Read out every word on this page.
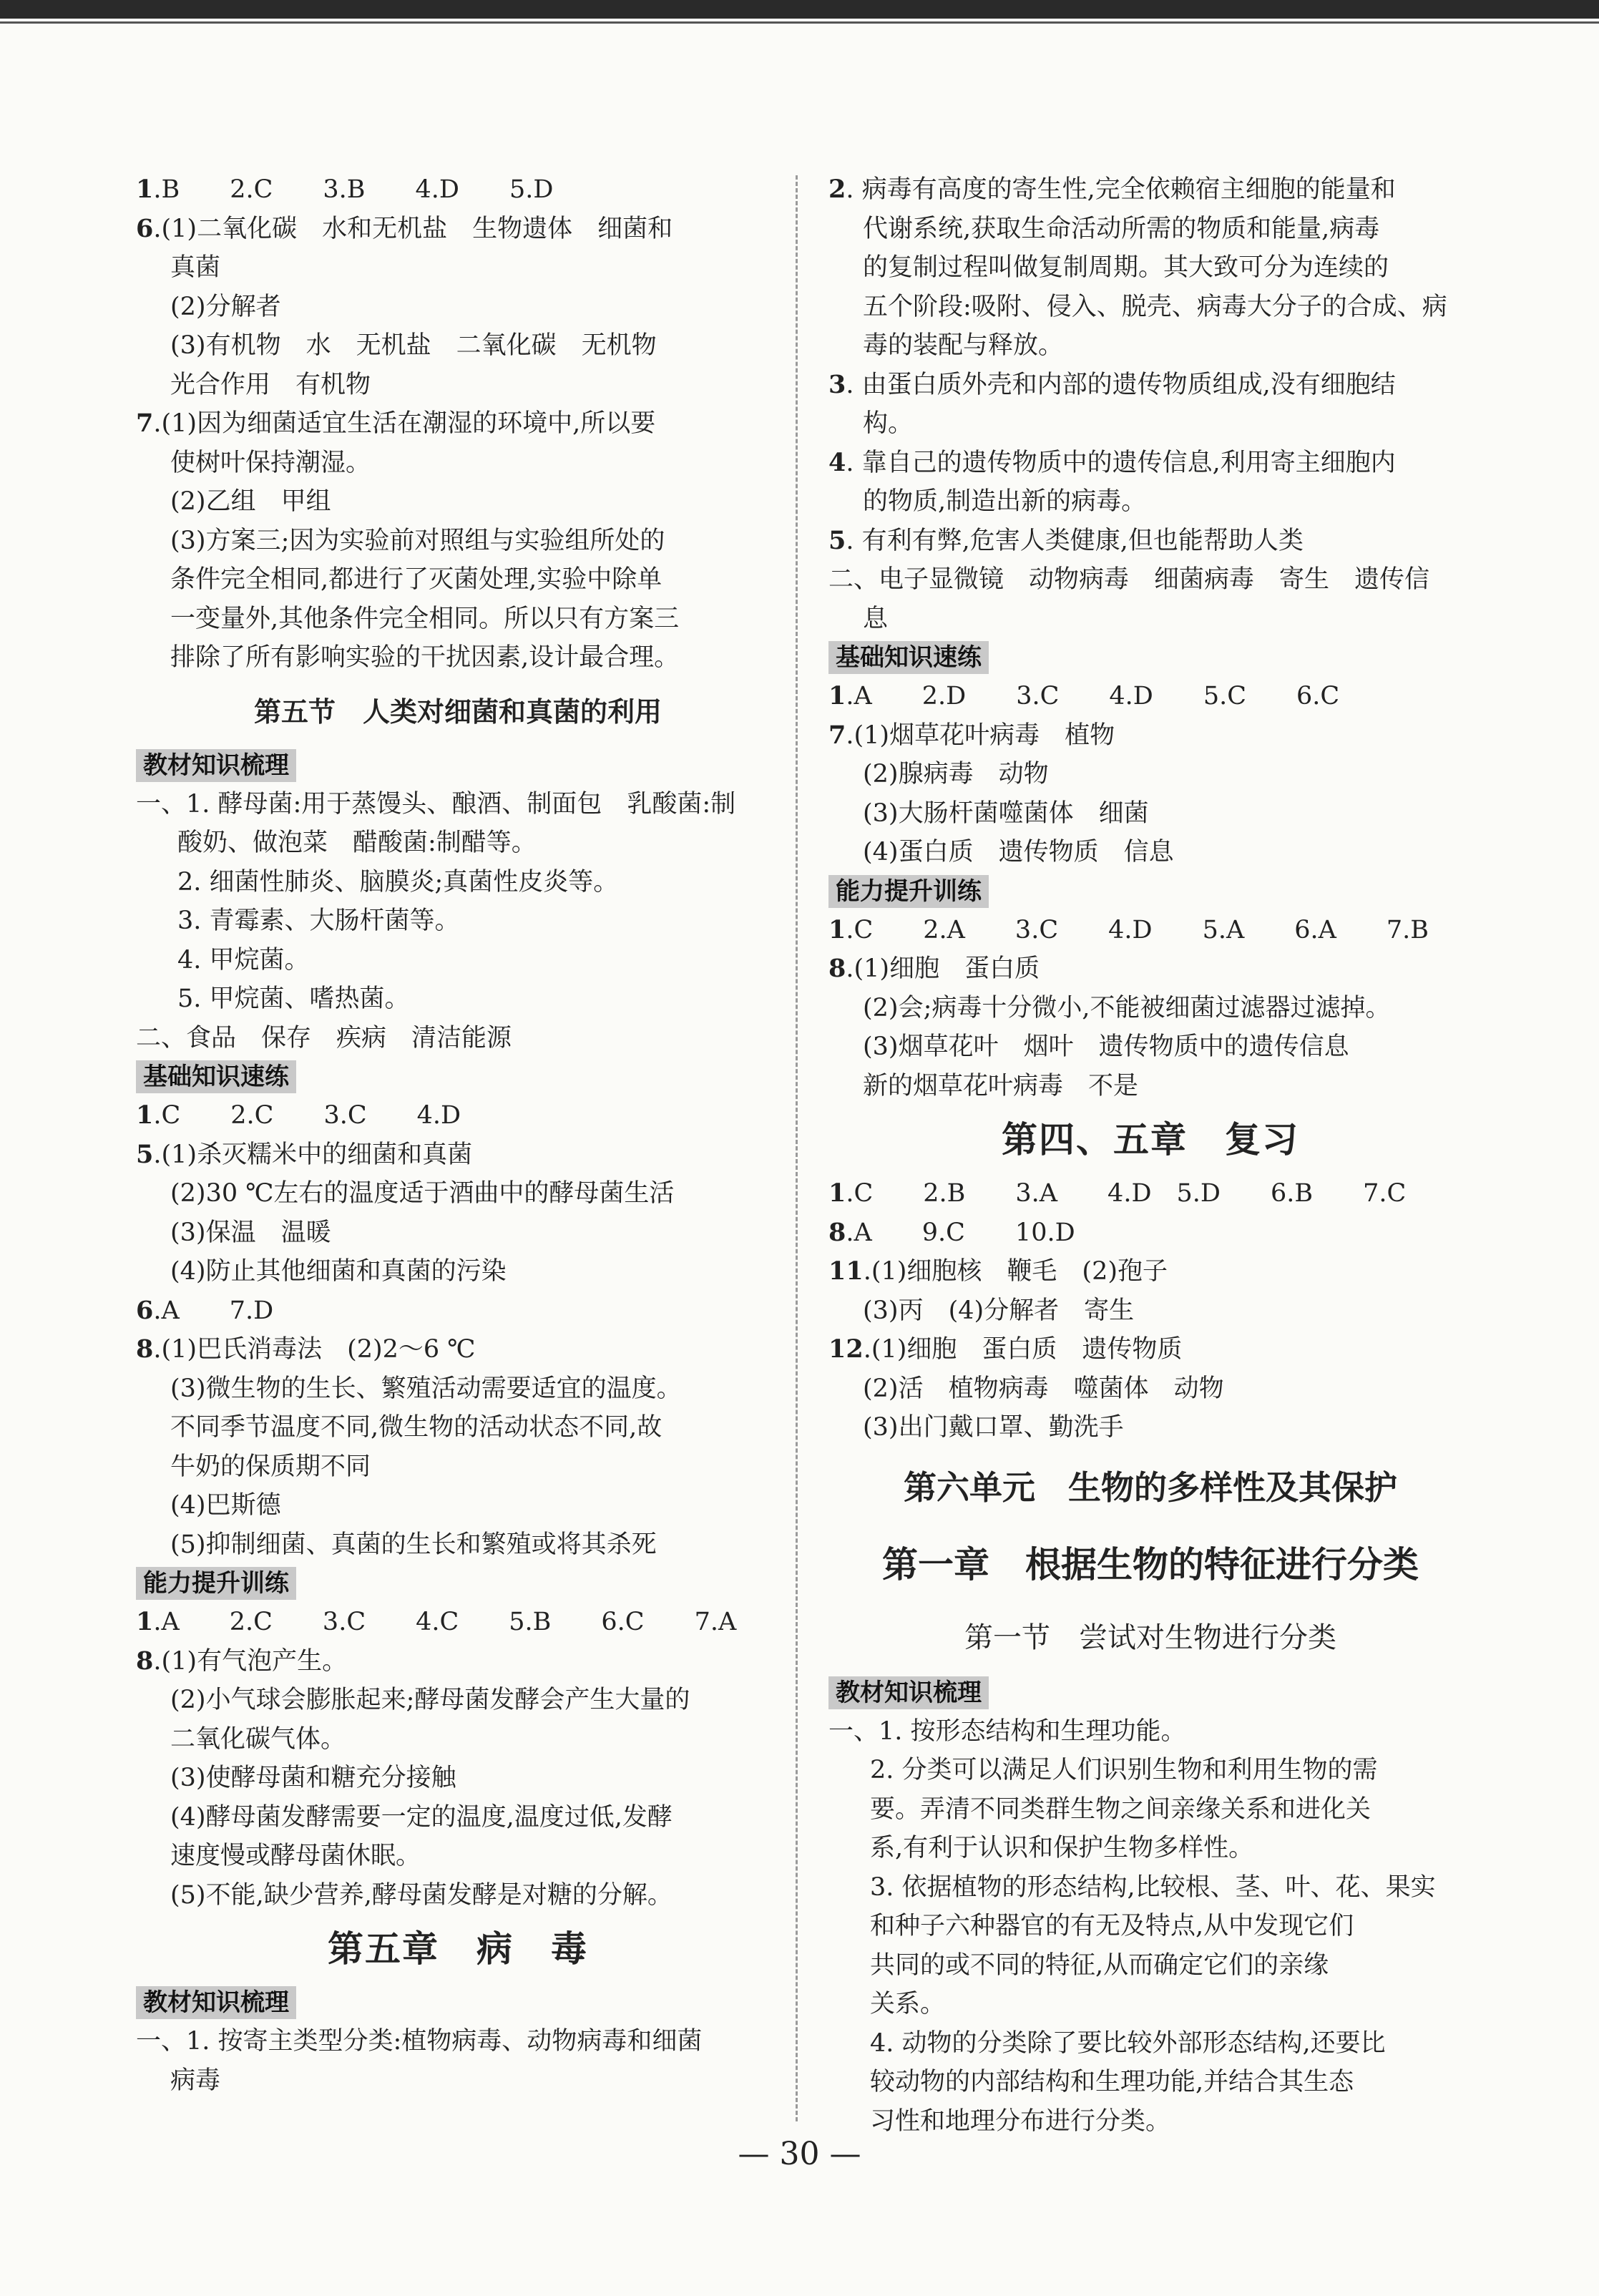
1.B　　2.C　　3.B　　4.D　　5.D
6.(1)二氧化碳　水和无机盐　生物遗体　细菌和
真菌
(2)分解者
(3)有机物　水　无机盐　二氧化碳　无机物
光合作用　有机物
7.(1)因为细菌适宜生活在潮湿的环境中,所以要
使树叶保持潮湿。
(2)乙组　甲组
(3)方案三;因为实验前对照组与实验组所处的
条件完全相同,都进行了灭菌处理,实验中除单
一变量外,其他条件完全相同。所以只有方案三
排除了所有影响实验的干扰因素,设计最合理。
第五节　人类对细菌和真菌的利用
教材知识梳理
一、1. 酵母菌:用于蒸馒头、酿酒、制面包　乳酸菌:制
酸奶、做泡菜　醋酸菌:制醋等。
2. 细菌性肺炎、脑膜炎;真菌性皮炎等。
3. 青霉素、大肠杆菌等。
4. 甲烷菌。
5. 甲烷菌、嗜热菌。
二、食品　保存　疾病　清洁能源
基础知识速练
1.C　　2.C　　3.C　　4.D
5.(1)杀灭糯米中的细菌和真菌
(2)30 ℃左右的温度适于酒曲中的酵母菌生活
(3)保温　温暖
(4)防止其他细菌和真菌的污染
6.A　　7.D
8.(1)巴氏消毒法　(2)2～6 ℃
(3)微生物的生长、繁殖活动需要适宜的温度。
不同季节温度不同,微生物的活动状态不同,故
牛奶的保质期不同
(4)巴斯德
(5)抑制细菌、真菌的生长和繁殖或将其杀死
能力提升训练
1.A　　2.C　　3.C　　4.C　　5.B　　6.C　　7.A
8.(1)有气泡产生。
(2)小气球会膨胀起来;酵母菌发酵会产生大量的
二氧化碳气体。
(3)使酵母菌和糖充分接触
(4)酵母菌发酵需要一定的温度,温度过低,发酵
速度慢或酵母菌休眠。
(5)不能,缺少营养,酵母菌发酵是对糖的分解。
第五章　病　毒
教材知识梳理
一、1. 按寄主类型分类:植物病毒、动物病毒和细菌
病毒
2. 病毒有高度的寄生性,完全依赖宿主细胞的能量和
代谢系统,获取生命活动所需的物质和能量,病毒
的复制过程叫做复制周期。其大致可分为连续的
五个阶段:吸附、侵入、脱壳、病毒大分子的合成、病
毒的装配与释放。
3. 由蛋白质外壳和内部的遗传物质组成,没有细胞结
构。
4. 靠自己的遗传物质中的遗传信息,利用寄主细胞内
的物质,制造出新的病毒。
5. 有利有弊,危害人类健康,但也能帮助人类
二、电子显微镜　动物病毒　细菌病毒　寄生　遗传信
息
基础知识速练
1.A　　2.D　　3.C　　4.D　　5.C　　6.C
7.(1)烟草花叶病毒　植物
(2)腺病毒　动物
(3)大肠杆菌噬菌体　细菌
(4)蛋白质　遗传物质　信息
能力提升训练
1.C　　2.A　　3.C　　4.D　　5.A　　6.A　　7.B
8.(1)细胞　蛋白质
(2)会;病毒十分微小,不能被细菌过滤器过滤掉。
(3)烟草花叶　烟叶　遗传物质中的遗传信息
新的烟草花叶病毒　不是
第四、五章　复习
1.C　　2.B　　3.A　　4.D　5.D　　6.B　　7.C
8.A　　9.C　　10.D
11.(1)细胞核　鞭毛　(2)孢子
(3)丙　(4)分解者　寄生
12.(1)细胞　蛋白质　遗传物质
(2)活　植物病毒　噬菌体　动物
(3)出门戴口罩、勤洗手
第六单元　生物的多样性及其保护
第一章　根据生物的特征进行分类
第一节　尝试对生物进行分类
教材知识梳理
一、1. 按形态结构和生理功能。
2. 分类可以满足人们识别生物和利用生物的需
要。弄清不同类群生物之间亲缘关系和进化关
系,有利于认识和保护生物多样性。
3. 依据植物的形态结构,比较根、茎、叶、花、果实
和种子六种器官的有无及特点,从中发现它们
共同的或不同的特征,从而确定它们的亲缘
关系。
4. 动物的分类除了要比较外部形态结构,还要比
较动物的内部结构和生理功能,并结合其生态
习性和地理分布进行分类。
— 30 —
